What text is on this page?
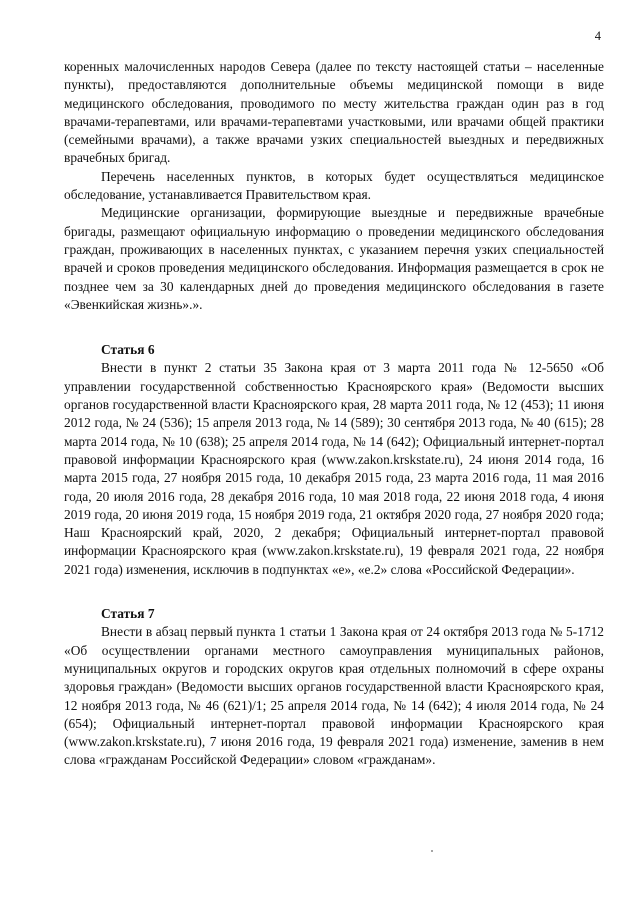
4

коренных малочисленных народов Севера (далее по тексту настоящей статьи – населенные пункты), предоставляются дополнительные объемы медицинской помощи в виде медицинского обследования, проводимого по месту жительства граждан один раз в год врачами-терапевтами, или врачами-терапевтами участковыми, или врачами общей практики (семейными врачами), а также врачами узких специальностей выездных и передвижных врачебных бригад.

Перечень населенных пунктов, в которых будет осуществляться медицинское обследование, устанавливается Правительством края.

Медицинские организации, формирующие выездные и передвижные врачебные бригады, размещают официальную информацию о проведении медицинского обследования граждан, проживающих в населенных пунктах, с указанием перечня узких специальностей врачей и сроков проведения медицинского обследования. Информация размещается в срок не позднее чем за 30 календарных дней до проведения медицинского обследования в газете «Эвенкийская жизнь».».

Статья 6

Внести в пункт 2 статьи 35 Закона края от 3 марта 2011 года № 12-5650 «Об управлении государственной собственностью Красноярского края» (Ведомости высших органов государственной власти Красноярского края, 28 марта 2011 года, № 12 (453); 11 июня 2012 года, № 24 (536); 15 апреля 2013 года, № 14 (589); 30 сентября 2013 года, № 40 (615); 28 марта 2014 года, № 10 (638); 25 апреля 2014 года, № 14 (642); Официальный интернет-портал правовой информации Красноярского края (www.zakon.krskstate.ru), 24 июня 2014 года, 16 марта 2015 года, 27 ноября 2015 года, 10 декабря 2015 года, 23 марта 2016 года, 11 мая 2016 года, 20 июля 2016 года, 28 декабря 2016 года, 10 мая 2018 года, 22 июня 2018 года, 4 июня 2019 года, 20 июня 2019 года, 15 ноября 2019 года, 21 октября 2020 года, 27 ноября 2020 года; Наш Красноярский край, 2020, 2 декабря; Официальный интернет-портал правовой информации Красноярского края (www.zakon.krskstate.ru), 19 февраля 2021 года, 22 ноября 2021 года) изменения, исключив в подпунктах «е», «е.2» слова «Российской Федерации».

Статья 7

Внести в абзац первый пункта 1 статьи 1 Закона края от 24 октября 2013 года № 5-1712 «Об осуществлении органами местного самоуправления муниципальных районов, муниципальных округов и городских округов края отдельных полномочий в сфере охраны здоровья граждан» (Ведомости высших органов государственной власти Красноярского края, 12 ноября 2013 года, № 46 (621)/1; 25 апреля 2014 года, № 14 (642); 4 июля 2014 года, № 24 (654); Официальный интернет-портал правовой информации Красноярского края (www.zakon.krskstate.ru), 7 июня 2016 года, 19 февраля 2021 года) изменение, заменив в нем слова «гражданам Российской Федерации» словом «гражданам».
